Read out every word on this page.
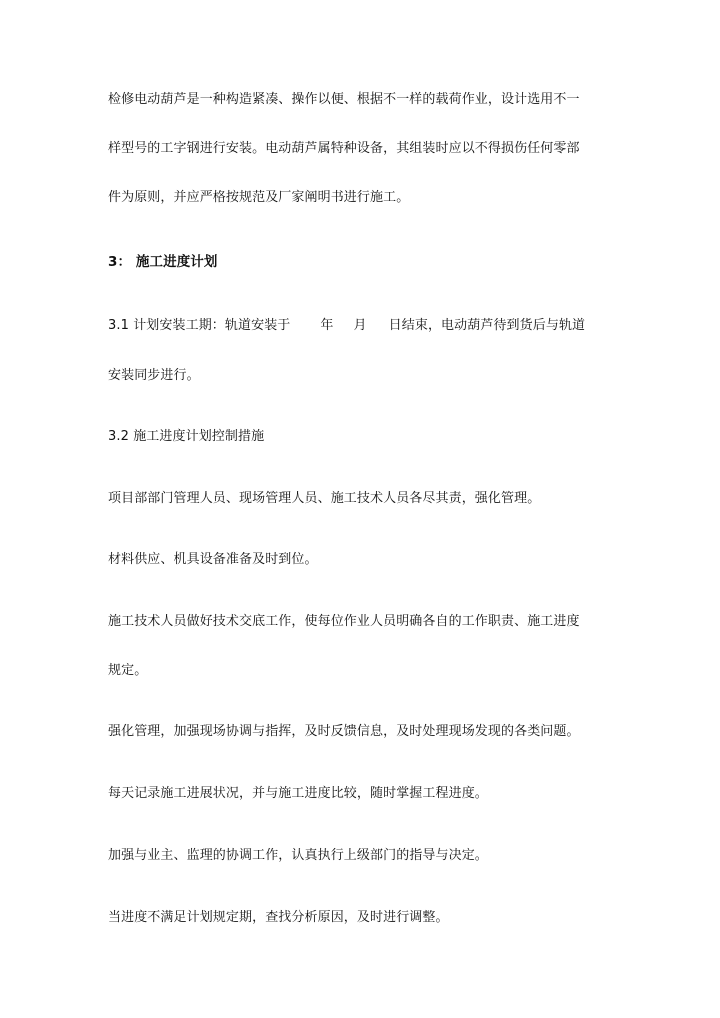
检修电动葫芦是一种构造紧凑、操作以便、根据不一样的载荷作业，设计选用不一
样型号的工字钢进行安装。电动葫芦属特种设备，其组装时应以不得损伤任何零部
件为原则，并应严格按规范及厂家阐明书进行施工。
3： 施工进度计划
3.1 计划安装工期：轨道安装于 年 月 日结束，电动葫芦待到货后与轨道
安装同步进行。
3.2 施工进度计划控制措施
项目部部门管理人员、现场管理人员、施工技术人员各尽其责，强化管理。
材料供应、机具设备准备及时到位。
施工技术人员做好技术交底工作，使每位作业人员明确各自的工作职责、施工进度
规定。
强化管理，加强现场协调与指挥，及时反馈信息，及时处理现场发现的各类问题。
每天记录施工进展状况，并与施工进度比较，随时掌握工程进度。
加强与业主、监理的协调工作，认真执行上级部门的指导与决定。
当进度不满足计划规定期，查找分析原因，及时进行调整。
